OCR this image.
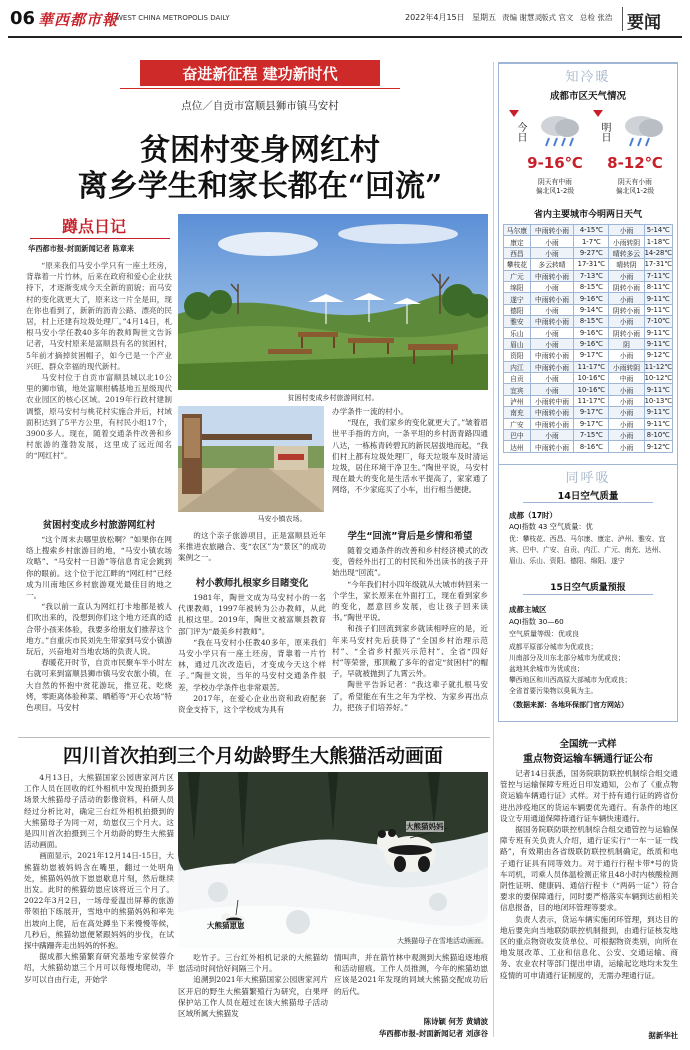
06 華西都市報
WEST CHINA METROPOLIS DAILY	2022年4月15日 星期五 责编 谢慧灵 版式 官文 总检 张浩 要闻
奋进新征程 建功新时代
点位／自贡市富顺县狮市镇马安村
贫困村变身网红村
离乡学生和家长都在“回流”
蹲点日记
华西都市报-封面新闻记者 陈章来

“原来我们马安小学只有一座土坯房，背靠着一片竹林，后来在政府和爱心企业扶持下，才逐渐变成今天全新的面貌；而马安村的变化就更大了，原来这一片全是田，现在你也看到了，新新的沥青公路、漂亮的民居，村上还建有垃圾处理厂。”4月14日，札根马安小学任教40多年的教师陶世文告诉记者，马安村原来是富顺县有名的贫困村，5年前才摘掉贫困帽子，如今已是一个产业兴旺、群众幸福的现代新村。

马安村位于自贡市富顺县城以北10公里的狮市镇，地处富顺柑橘基地五星级现代农业园区的核心区域。2019年行政村建制调整，原马安村与桃花村实施合并后，村域面积达到了5平方公里，有村民小组17个，3900多人。现在，随着交通条件改善和乡村旅游的蓬勃发展，这里成了远近闻名的“网红村”。

贫困村变成乡村旅游网红村。
马安小镇农场。
贫困村变成乡村旅游网红村

“这个周末去哪里放松啊？”如果你在网络上搜索乡村旅游目的地，“马安小镇农场攻略”、“马安村一日游”等信息肯定会跳到你的眼前。这个位于沱江畔的“网红村”已经成为川南地区乡村旅游观光最佳目的地之一。

“我以前一直认为网红打卡地都是被人们吹出来的，没想到你们这个地方还真的适合带小孩来体验，我要多给朋友们推荐这个地方。”自重庆市民刘先生带家到马安小镇游玩后，兴奋地对当地农场的负责人说。

春暖花开时节，自贡市民聚车半小时左右就可来到富顺县狮市镇马安农旅小镇，在大自然的怀抱中赏花游玩，推豆花、吃烧烤，零距离体验种菜、晒稻等“开心农场”特色项目。马安村

的这个亲子旅游项目，正是富顺县近年来推进农旅融合、变“农区”为“景区”的成功案例之一。

村小教师扎根家乡目睹变化

1981年，陶世文成为马安村小的一名代课教师，1997年被转为公办教师，从此扎根这里。2019年，陶世文被富顺县教育部门评为“最美乡村教师”。

“我在马安村小任教40多年，原来我们马安小学只有一座土坯房，背靠着一片竹林，通过几次改造后，才变成今天这个样子。”陶世文说，当年的马安村交通条件很差，学校办学条件也非常艰苦。

2017年，在爱心企业出资和政府配套资金支持下，这个学校成为具有

办学条件一流的村小。

“现在，我们家乡的变化就更大了。”皱着眉世平手指的方向，一条平坦的乡村沥青路四通八达，一栋栋青砖碧瓦的新民居拔地而起，“我们村上都有垃圾处理厂，每天垃圾车及时清运垃圾，居住环境干净卫生。”陶世平说，马安村现在最大的变化是生活水平提高了，家家通了网络，不少家庭买了小车，出行相当便捷。

学生“回流”背后是乡情和希望

随着交通条件的改善和乡村经济模式的改变，曾经外出打工的村民和外出读书的孩子开始出现“回流”。

“今年我们村小四年级就从大城市转回来一个学生，家长原来在外面打工，现在看到家乡的变化，愿意回乡发展，也让孩子回来读书。”陶世平说。

和孩子们回流到家乡就读相呼应的是，近年来马安村先后获得了“全国乡村治理示范村”、“全省乡村振兴示范村”、全省“四好村”等荣誉，那顶戴了多年的省定“贫困村”的帽子，早就被抛到了九霄云外。

陶世平告诉记者：“我这辈子就扎根马安了，希望能在有生之年为学校、为家乡再出点力，把孩子们培养好。”

知冷暖
成都市区天气情况
今日
9-16℃
阴天有中雨
偏北风1-2级
明日
8-12℃
阴天有小雨
偏北风1-2级
省内主要城市今明两日天气
马尔康	中雨转小雨	4-15℃	小雨	5-14℃
康定	小雨	1-7℃	小雨转阴	1-18℃
西昌	小雨	9-27℃	晴转多云	14-28℃
攀枝花	多云转晴	17-31℃	晴转阴	17-31℃
广元	中雨转小雨	7-13℃	小雨	7-11℃
绵阳	小雨	8-15℃	阴转小雨	8-11℃
遂宁	中雨转小雨	9-16℃	小雨	9-11℃
德阳	小雨	9-14℃	阴转小雨	9-11℃
雅安	中雨转小雨	8-15℃	小雨	7-10℃
乐山	小雨	9-16℃	阴转小雨	9-11℃
眉山	小雨	9-16℃	阴	9-11℃
资阳	中雨转小雨	9-17℃	小雨	9-12℃
内江	中雨转小雨	11-17℃	小雨转阴	11-12℃
自贡	小雨	10-16℃	中雨	10-12℃
宜宾	小雨	10-16℃	小雨	9-11℃
泸州	小雨转中雨	11-17℃	小雨	10-13℃
南充	中雨转小雨	9-17℃	小雨	9-11℃
广安	中雨转小雨	9-17℃	小雨	9-11℃
巴中	小雨	7-15℃	小雨	8-10℃
达州	中雨转小雨	8-16℃	小雨	9-12℃
同呼吸
14日空气质量
成都（17时）
AQI指数 43 空气质量：优
优：攀枝花、西昌、马尔康、康定、泸州、雅安、宜宾、巴中、广安、自贡、内江、广元、南充、达州、眉山、乐山、资阳、德阳、绵阳、遂宁
15日空气质量预报
成都主城区
AQI指数 30—60
空气质量等级：优或良
成都平原部分城市为优或良；
川南部分及川东北部分城市为优或良；
盆地其余城市为优或良；
攀西地区和川西高原大部城市为优或良；
全省首要污染物以臭氧为主。
（数据来源：各地环保部门官方网站）
四川首次拍到三个月幼龄野生大熊猫活动画面

4月13日，大熊猫国家公园唐家河片区工作人员在回收的红外相机中发现拍摄到多场景大熊猫母子活动的影像资料，科研人员经过分析比对，确定三台红外相机拍摄到的大熊猫母子为同一对，幼崽仅三个月大。这是四川首次拍摄到三个月幼龄的野生大熊猫活动画面。

画面显示，2021年12月14日-15日，大熊猫幼崽被妈妈含在嘴里，翻过一处明角处，熊猫妈妈放下崽崽歇息片刻，然后继续出发。此时的熊猫幼崽应该将近三个月了。2022年3月2日，一场母爱温出屏幕的旅游带领拍下练展开，雪地中的熊猫妈妈和率先出坡向上爬，后在高处蹲坐下来慢慢等候，几秒后，熊猫幼崽便紧跟妈妈的步伐，在试探中蹒跚奔走出妈妈的怀抱。

据成都大熊猫繁育研究基地专家侯蓉介绍，大熊猫幼崽三个月可以每慢地爬动，半岁可以自由行走，开始学

大熊猫妈妈
大熊猫崽崽
大熊猫母子在雪地活动画面。

吃竹子。三台红外相机记录的大熊猫幼崽活动时间恰好间隔三个月。

追溯到2021年大熊猫国家公园唐家河片区开启的野生大熊猫繁殖行为研究，白果坪保护站工作人员在超过在该大熊猫母子活动区域所属大熊猫发

情叫声，并在箭竹林中观测到大熊猫追逐地痕和活动留痕。工作人员推测，今年的熊猫幼崽应该是2021年发现的同域大熊猫交配成功后的后代。

陈诗颖 何芳 黄婧波
华西都市报-封面新闻记者 刘彦谷
全国统一式样
重点物资运输车辆通行证公布

记者14日获悉，国务院联防联控机制综合组交通管控与运输保障专班近日印发通知，公布了《重点物资运输车辆通行证》式样。对于持有通行证的跨省份进出涉疫地区的货运车辆要优先通行。有条件的地区设立专用通道保障持通行证车辆快速通行。

据国务院联防联控机制综合组交通管控与运输保障专班有关负责人介绍，通行证实行“一车一证一线路”，有效期由各省级联防联控机制确定，纸质和电子通行证具有同等效力。对于通行行程卡带*号的货车司机，司乘人员体温检测正常且48小时内核酸检测阴性证明、健康码、通信行程卡（“两码一证”）符合要求的要保障通行，同时要严格落实车辆到达前相关信息报备，目的地闭环管理等要求。

负责人表示，货运车辆实施闭环管理，到达目的地后要先向当地联防联控机制报到，由通行证核发地区的重点物资收发货单位、可根据物资类别，向所在地发展改革、工业和信息化、公安、交通运输、商务、农业农村等部门提出申请，运输起讫地均未发生疫情的可申请通行证制度的，无需办理通行证。

据新华社
